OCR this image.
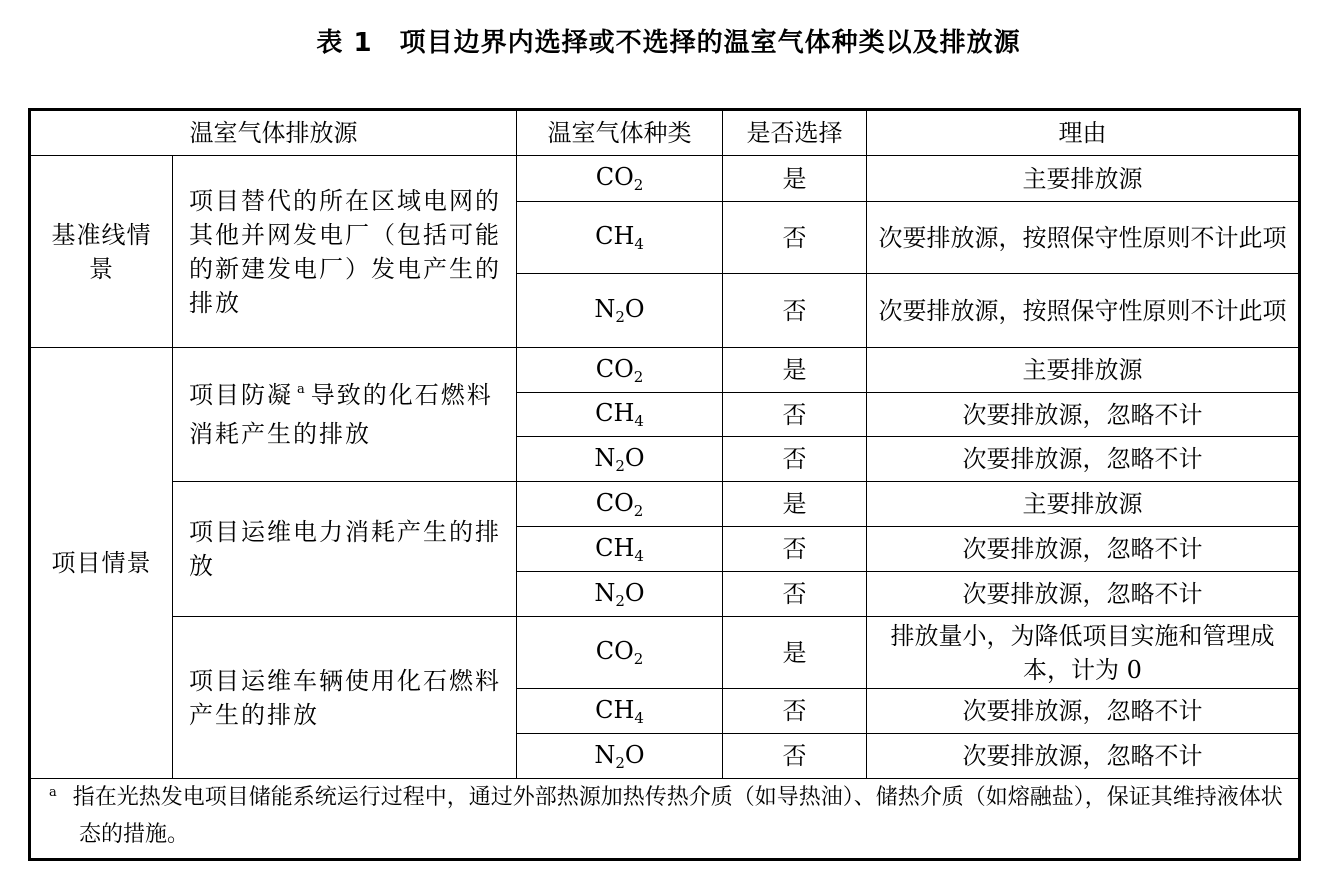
表 1　项目边界内选择或不选择的温室气体种类以及排放源
温室气体排放源		温室气体种类	是否选择	理由
基准线情景	项目替代的所在区域电网的其他并网发电厂（包括可能的新建发电厂）发电产生的排放	$CO_2$	是	主要排放源
		$CH_4$	否	次要排放源，按照保守性原则不计此项
		$N_2O$	否	次要排放源，按照保守性原则不计此项
项目情景	项目防凝 $^a$ 导致的化石燃料消耗产生的排放	$CO_2$	是	主要排放源
		$CH_4$	否	次要排放源，忽略不计
		$N_2O$	否	次要排放源，忽略不计
	项目运维电力消耗产生的排放	$CO_2$	是	主要排放源
		$CH_4$	否	次要排放源，忽略不计
		$N_2O$	否	次要排放源，忽略不计
	项目运维车辆使用化石燃料产生的排放	$CO_2$	是	排放量小，为降低项目实施和管理成本，计为 0
		$CH_4$	否	次要排放源，忽略不计
		$N_2O$	否	次要排放源，忽略不计
$^a$ 指在光热发电项目储能系统运行过程中，通过外部热源加热传热介质（如导热油）、储热介质（如熔融盐），保证其维持液体状态的措施。				
